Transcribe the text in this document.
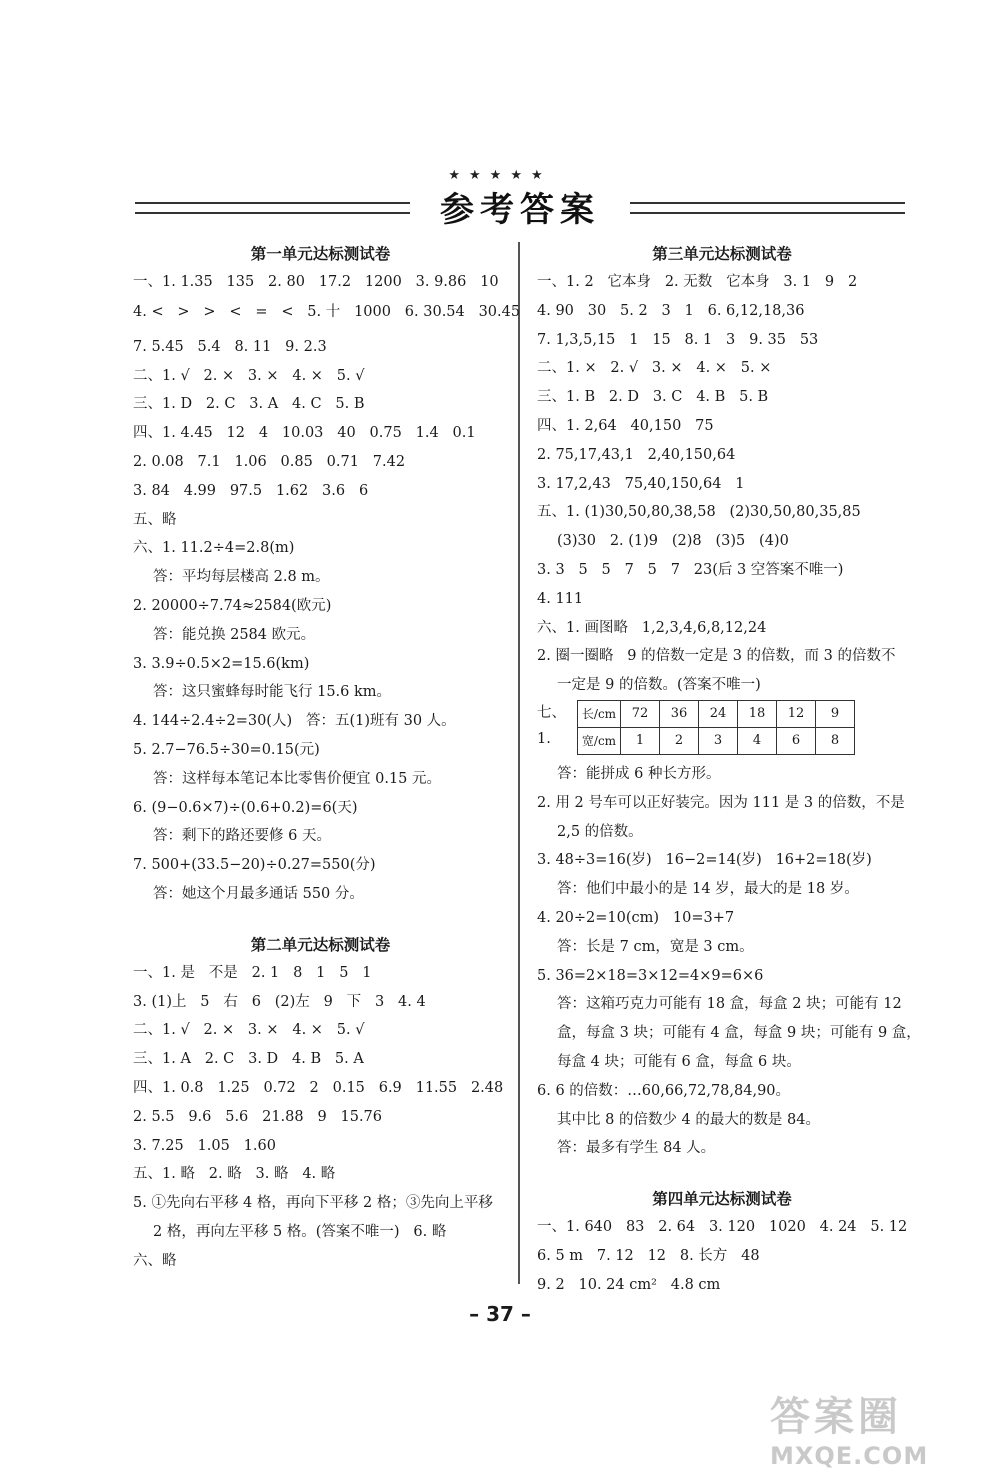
★★★★★
参考答案
第一单元达标测试卷
一、1. 1.35   135   2. 80   17.2   1200   3. 9.86   10
4. <   >   >   <   =   <   5. 十   1000   6. 30.54   30.45
7. 5.45   5.4   8. 11   9. 2.3
二、1. √   2. ×   3. ×   4. ×   5. √
三、1. D   2. C   3. A   4. C   5. B
四、1. 4.45   12   4   10.03   40   0.75   1.4   0.1
2. 0.08   7.1   1.06   0.85   0.71   7.42
3. 84   4.99   97.5   1.62   3.6   6
五、略
六、1. 11.2÷4=2.8(m)
答：平均每层楼高 2.8 m。
2. 20000÷7.74≈2584(欧元)
答：能兑换 2584 欧元。
3. 3.9÷0.5×2=15.6(km)
答：这只蜜蜂每时能飞行 15.6 km。
4. 144÷2.4÷2=30(人)   答：五(1)班有 30 人。
5. 2.7−76.5÷30=0.15(元)
答：这样每本笔记本比零售价便宜 0.15 元。
6. (9−0.6×7)÷(0.6+0.2)=6(天)
答：剩下的路还要修 6 天。
7. 500+(33.5−20)÷0.27=550(分)
答：她这个月最多通话 550 分。
第二单元达标测试卷
一、1. 是   不是   2. 1   8   1   5   1
3. (1)上   5   右   6   (2)左   9   下   3   4. 4
二、1. √   2. ×   3. ×   4. ×   5. √
三、1. A   2. C   3. D   4. B   5. A
四、1. 0.8   1.25   0.72   2   0.15   6.9   11.55   2.48
2. 5.5   9.6   5.6   21.88   9   15.76
3. 7.25   1.05   1.60
五、1. 略   2. 略   3. 略   4. 略
5. ①先向右平移 4 格，再向下平移 2 格；③先向上平移
2 格，再向左平移 5 格。(答案不唯一)   6. 略
六、略
第三单元达标测试卷
一、1. 2   它本身   2. 无数   它本身   3. 1   9   2
4. 90   30   5. 2   3   1   6. 6,12,18,36
7. 1,3,5,15   1   15   8. 1   3   9. 35   53
二、1. ×   2. √   3. ×   4. ×   5. ×
三、1. B   2. D   3. C   4. B   5. B
四、1. 2,64   40,150   75
2. 75,17,43,1   2,40,150,64
3. 17,2,43   75,40,150,64   1
五、1. (1)30,50,80,38,58   (2)30,50,80,35,85
(3)30   2. (1)9   (2)8   (3)5   (4)0
3. 3   5   5   7   5   7   23(后 3 空答案不唯一)
4. 111
六、1. 画图略   1,2,3,4,6,8,12,24
2. 圈一圈略   9 的倍数一定是 3 的倍数，而 3 的倍数不
一定是 9 的倍数。(答案不唯一)
七、1.
长/cm	72	36	24	18	12	9
宽/cm	1	2	3	4	6	8
答：能拼成 6 种长方形。
2. 用 2 号车可以正好装完。因为 111 是 3 的倍数，不是
2,5 的倍数。
3. 48÷3=16(岁)   16−2=14(岁)   16+2=18(岁)
答：他们中最小的是 14 岁，最大的是 18 岁。
4. 20÷2=10(cm)   10=3+7
答：长是 7 cm，宽是 3 cm。
5. 36=2×18=3×12=4×9=6×6
答：这箱巧克力可能有 18 盒，每盒 2 块；可能有 12
盒，每盒 3 块；可能有 4 盒，每盒 9 块；可能有 9 盒，
每盒 4 块；可能有 6 盒，每盒 6 块。
6. 6 的倍数：…60,66,72,78,84,90。
其中比 8 的倍数少 4 的最大的数是 84。
答：最多有学生 84 人。
第四单元达标测试卷
一、1. 640   83   2. 64   3. 120   1020   4. 24   5. 12
6. 5 m   7. 12   12   8. 长方   48
9. 2   10. 24 cm²   4.8 cm
– 37 –
答案圈
MXQE.COM
